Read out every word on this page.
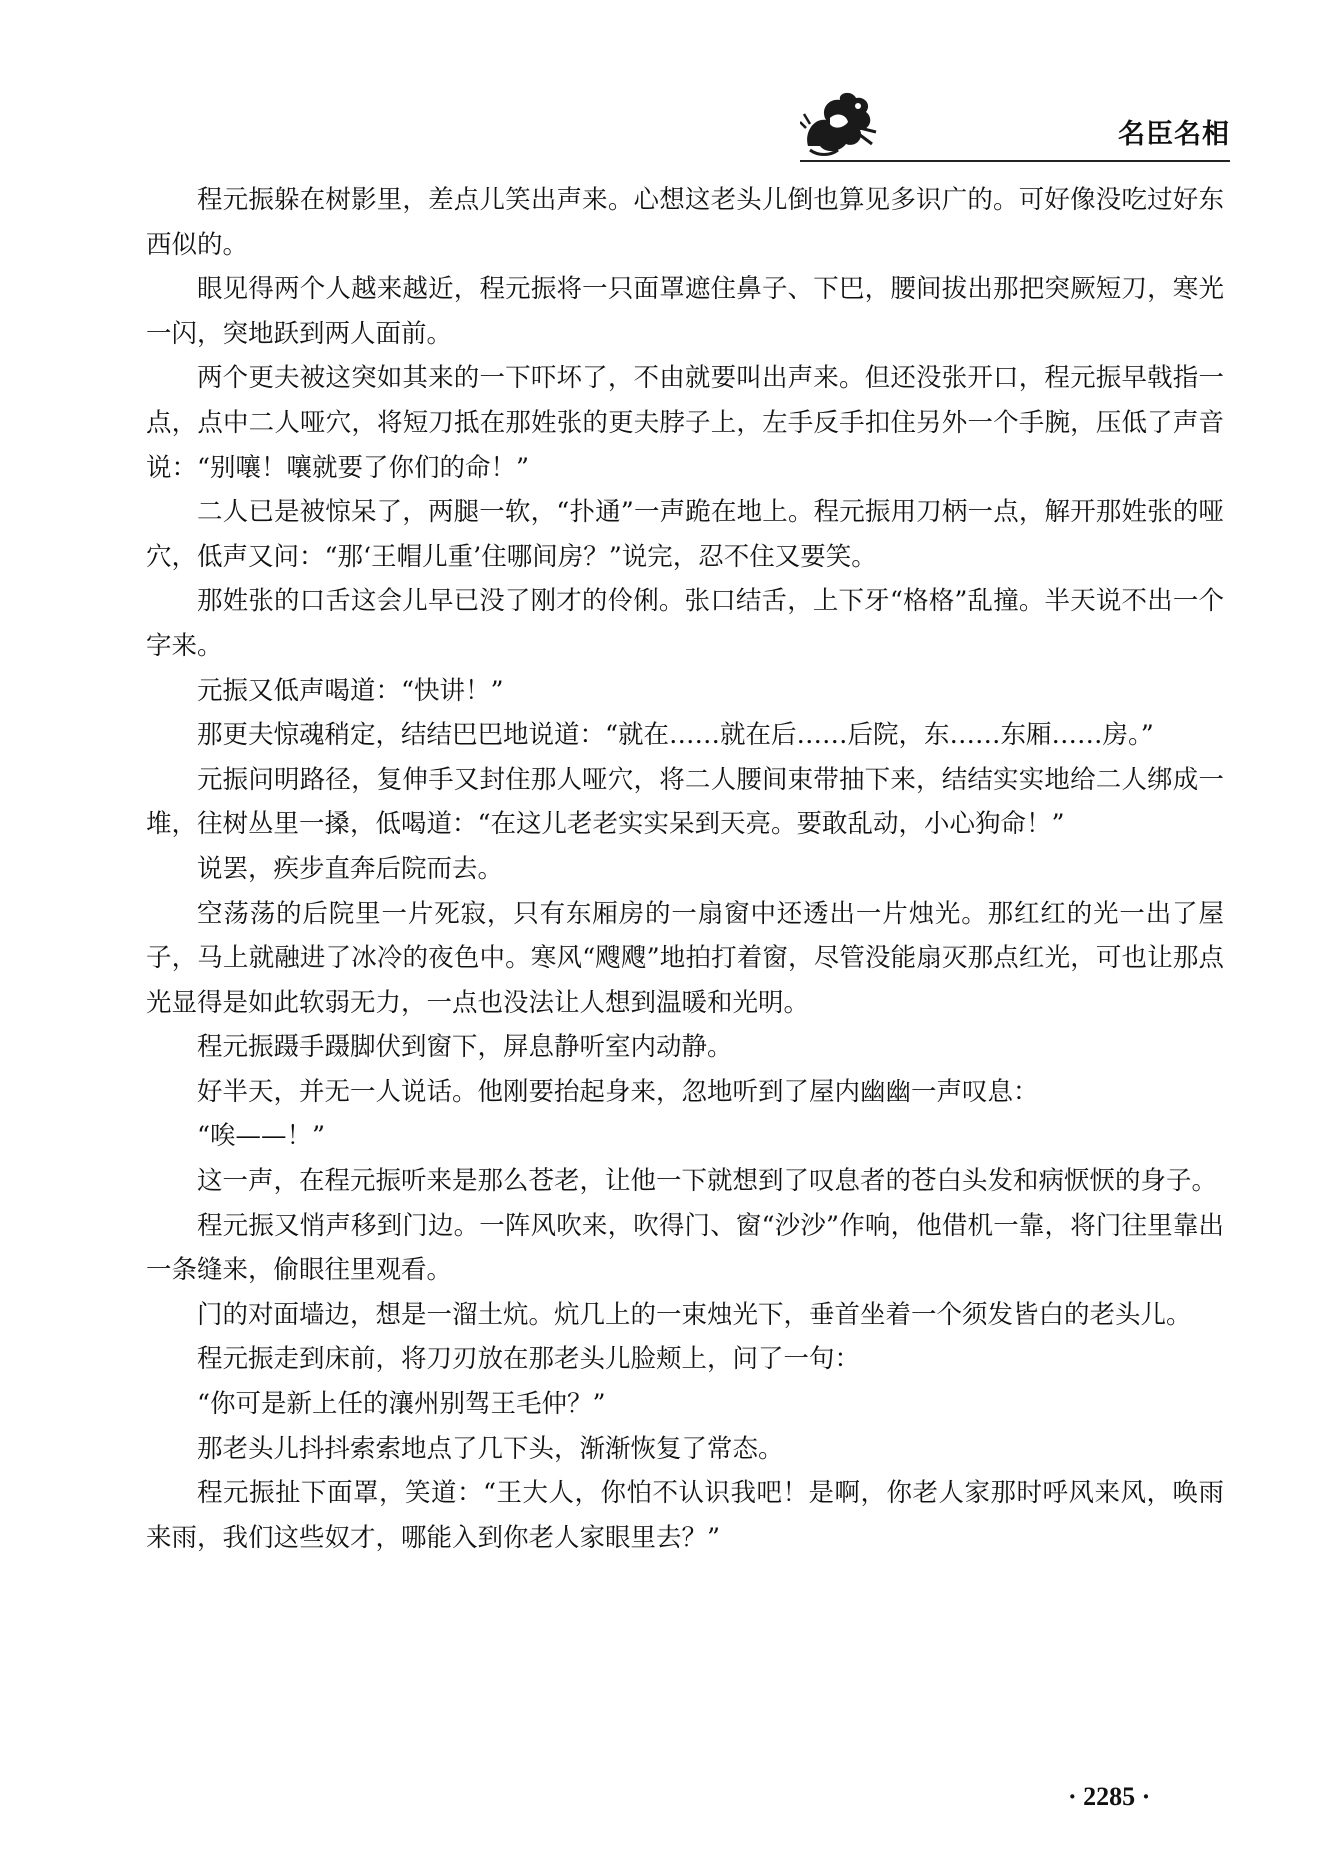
名臣名相

程元振躲在树影里，差点儿笑出声来。心想这老头儿倒也算见多识广的。可好像没吃过好东西似的。

眼见得两个人越来越近，程元振将一只面罩遮住鼻子、下巴，腰间拔出那把突厥短刀，寒光一闪，突地跃到两人面前。

两个更夫被这突如其来的一下吓坏了，不由就要叫出声来。但还没张开口，程元振早戟指一点，点中二人哑穴，将短刀抵在那姓张的更夫脖子上，左手反手扣住另外一个手腕，压低了声音说：“别嚷！嚷就要了你们的命！”

二人已是被惊呆了，两腿一软，“扑通”一声跪在地上。程元振用刀柄一点，解开那姓张的哑穴，低声又问：“那‘王帽儿重’住哪间房？”说完，忍不住又要笑。

那姓张的口舌这会儿早已没了刚才的伶俐。张口结舌，上下牙“格格”乱撞。半天说不出一个字来。

元振又低声喝道：“快讲！”

那更夫惊魂稍定，结结巴巴地说道：“就在……就在后……后院，东……东厢……房。”

元振问明路径，复伸手又封住那人哑穴，将二人腰间束带抽下来，结结实实地给二人绑成一堆，往树丛里一搡，低喝道：“在这儿老老实实呆到天亮。要敢乱动，小心狗命！”

说罢，疾步直奔后院而去。

空荡荡的后院里一片死寂，只有东厢房的一扇窗中还透出一片烛光。那红红的光一出了屋子，马上就融进了冰冷的夜色中。寒风“飕飕”地拍打着窗，尽管没能扇灭那点红光，可也让那点光显得是如此软弱无力，一点也没法让人想到温暖和光明。

程元振蹑手蹑脚伏到窗下，屏息静听室内动静。

好半天，并无一人说话。他刚要抬起身来，忽地听到了屋内幽幽一声叹息：

“唉——！”

这一声，在程元振听来是那么苍老，让他一下就想到了叹息者的苍白头发和病恹恹的身子。

程元振又悄声移到门边。一阵风吹来，吹得门、窗“沙沙”作响，他借机一靠，将门往里靠出一条缝来，偷眼往里观看。

门的对面墙边，想是一溜土炕。炕几上的一束烛光下，垂首坐着一个须发皆白的老头儿。

程元振走到床前，将刀刃放在那老头儿脸颊上，问了一句：

“你可是新上任的瀼州别驾王毛仲？”

那老头儿抖抖索索地点了几下头，渐渐恢复了常态。

程元振扯下面罩，笑道：“王大人，你怕不认识我吧！是啊，你老人家那时呼风来风，唤雨来雨，我们这些奴才，哪能入到你老人家眼里去？”

· 2285 ·
